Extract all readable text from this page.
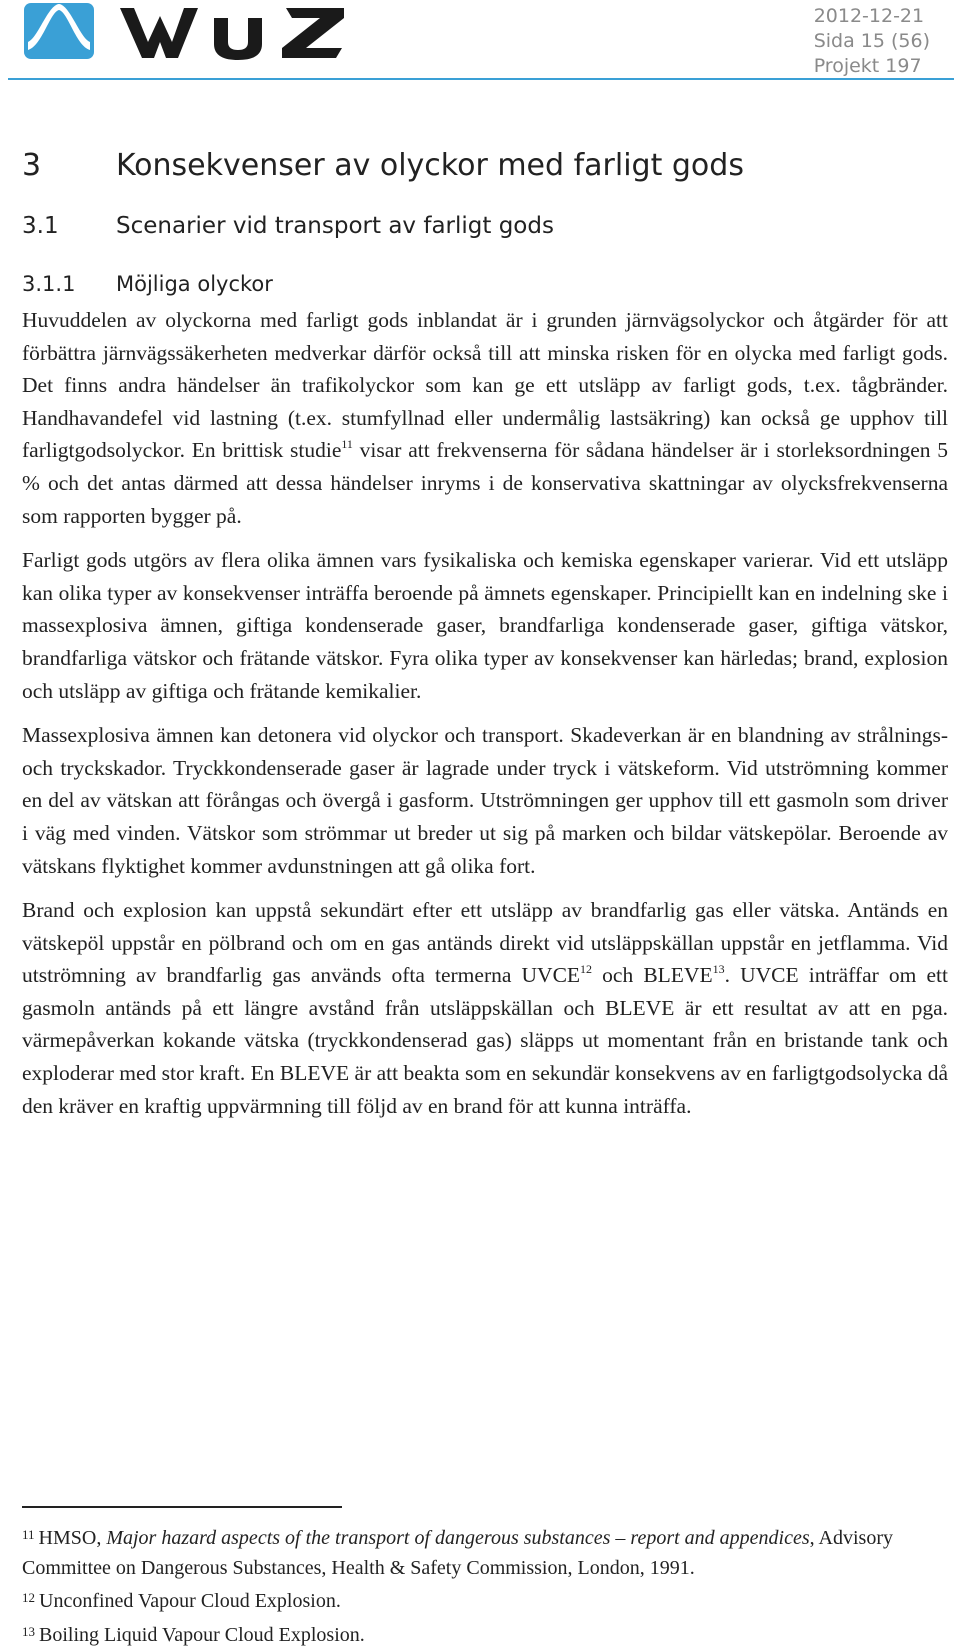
2012-12-21
Sida 15 (56)
Projekt 197
3 Konsekvenser av olyckor med farligt gods
3.1 Scenarier vid transport av farligt gods
3.1.1 Möjliga olyckor

Huvuddelen av olyckorna med farligt gods inblandat är i grunden järnvägsolyckor och åtgärder för att förbättra järnvägssäkerheten medverkar därför också till att minska risken för en olycka med farligt gods. Det finns andra händelser än trafikolyckor som kan ge ett utsläpp av farligt gods, t.ex. tågbränder. Handhavandefel vid lastning (t.ex. stumfyllnad eller undermålig lastsäkring) kan också ge upphov till farligtgodsolyckor. En brittisk studie$^{11}$ visar att frekvenserna för sådana händelser är i storleksordningen 5 % och det antas därmed att dessa händelser inryms i de konservativa skattningar av olycksfrekvenserna som rapporten bygger på.

Farligt gods utgörs av flera olika ämnen vars fysikaliska och kemiska egenskaper varierar. Vid ett utsläpp kan olika typer av konsekvenser inträffa beroende på ämnets egenskaper. Principiellt kan en indelning ske i massexplosiva ämnen, giftiga kondenserade gaser, brandfarliga kondenserade gaser, giftiga vätskor, brandfarliga vätskor och frätande vätskor. Fyra olika typer av konsekvenser kan härledas; brand, explosion och utsläpp av giftiga och frätande kemikalier.

Massexplosiva ämnen kan detonera vid olyckor och transport. Skadeverkan är en blandning av strålnings- och tryckskador. Tryckkondenserade gaser är lagrade under tryck i vätskeform. Vid utströmning kommer en del av vätskan att förångas och övergå i gasform. Utströmningen ger upphov till ett gasmoln som driver i väg med vinden. Vätskor som strömmar ut breder ut sig på marken och bildar vätskepölar. Beroende av vätskans flyktighet kommer avdunstningen att gå olika fort.

Brand och explosion kan uppstå sekundärt efter ett utsläpp av brandfarlig gas eller vätska. Antänds en vätskepöl uppstår en pölbrand och om en gas antänds direkt vid utsläppskällan uppstår en jetflamma. Vid utströmning av brandfarlig gas används ofta termerna UVCE$^{12}$ och BLEVE$^{13}$. UVCE inträffar om ett gasmoln antänds på ett längre avstånd från utsläppskällan och BLEVE är ett resultat av att en pga. värmepåverkan kokande vätska (tryckkondenserad gas) släpps ut momentant från en bristande tank och exploderar med stor kraft. En BLEVE är att beakta som en sekundär konsekvens av en farligtgodsolycka då den kräver en kraftig uppvärmning till följd av en brand för att kunna inträffa.

$^{11}$ HMSO, Major hazard aspects of the transport of dangerous substances – report and appendices, Advisory Committee on Dangerous Substances, Health & Safety Commission, London, 1991.

$^{12}$ Unconfined Vapour Cloud Explosion.

$^{13}$ Boiling Liquid Vapour Cloud Explosion.
